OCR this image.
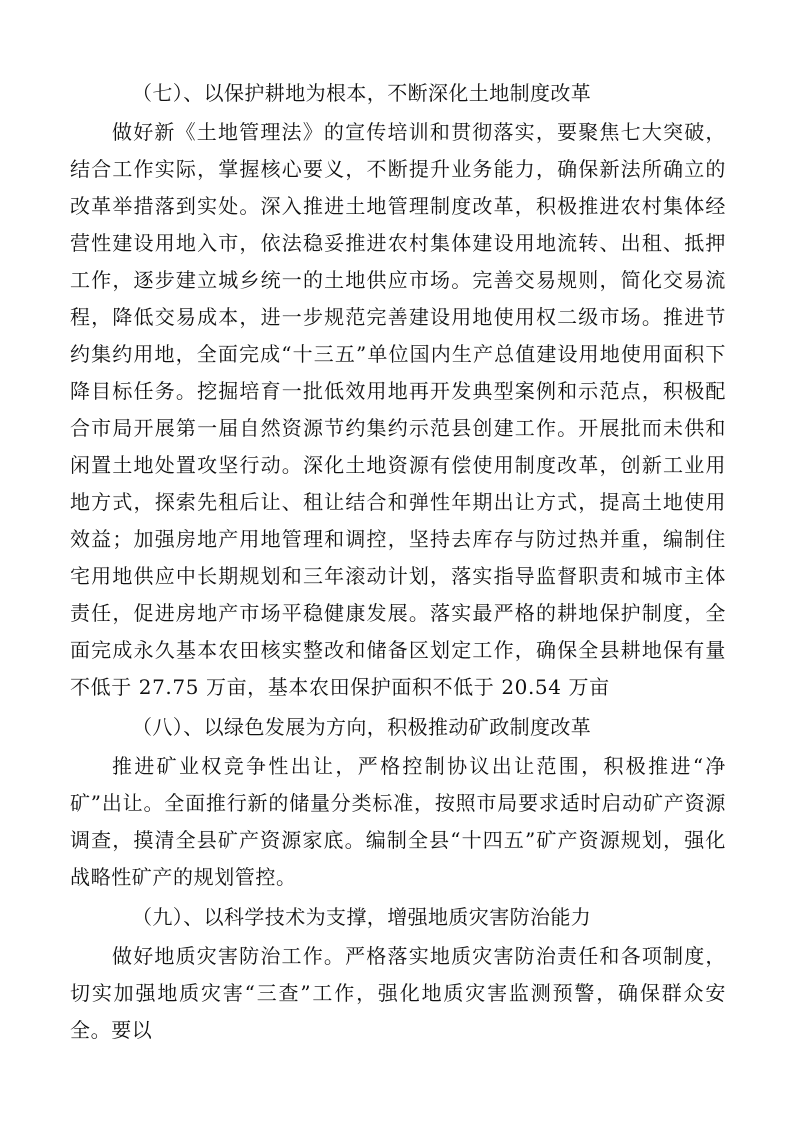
（七）、以保护耕地为根本，不断深化土地制度改革

做好新《土地管理法》的宣传培训和贯彻落实，要聚焦七大突破，结合工作实际，掌握核心要义，不断提升业务能力，确保新法所确立的改革举措落到实处。深入推进土地管理制度改革，积极推进农村集体经营性建设用地入市，依法稳妥推进农村集体建设用地流转、出租、抵押工作，逐步建立城乡统一的土地供应市场。完善交易规则，简化交易流程，降低交易成本，进一步规范完善建设用地使用权二级市场。推进节约集约用地，全面完成“十三五”单位国内生产总值建设用地使用面积下降目标任务。挖掘培育一批低效用地再开发典型案例和示范点，积极配合市局开展第一届自然资源节约集约示范县创建工作。开展批而未供和闲置土地处置攻坚行动。深化土地资源有偿使用制度改革，创新工业用地方式，探索先租后让、租让结合和弹性年期出让方式，提高土地使用效益；加强房地产用地管理和调控，坚持去库存与防过热并重，编制住宅用地供应中长期规划和三年滚动计划，落实指导监督职责和城市主体责任，促进房地产市场平稳健康发展。落实最严格的耕地保护制度，全面完成永久基本农田核实整改和储备区划定工作，确保全县耕地保有量不低于 27.75 万亩，基本农田保护面积不低于 20.54 万亩

（八）、以绿色发展为方向，积极推动矿政制度改革

推进矿业权竞争性出让，严格控制协议出让范围，积极推进“净矿”出让。全面推行新的储量分类标准，按照市局要求适时启动矿产资源调查，摸清全县矿产资源家底。编制全县“十四五”矿产资源规划，强化战略性矿产的规划管控。

（九）、以科学技术为支撑，增强地质灾害防治能力

做好地质灾害防治工作。严格落实地质灾害防治责任和各项制度，切实加强地质灾害“三查”工作，强化地质灾害监测预警，确保群众安全。要以
